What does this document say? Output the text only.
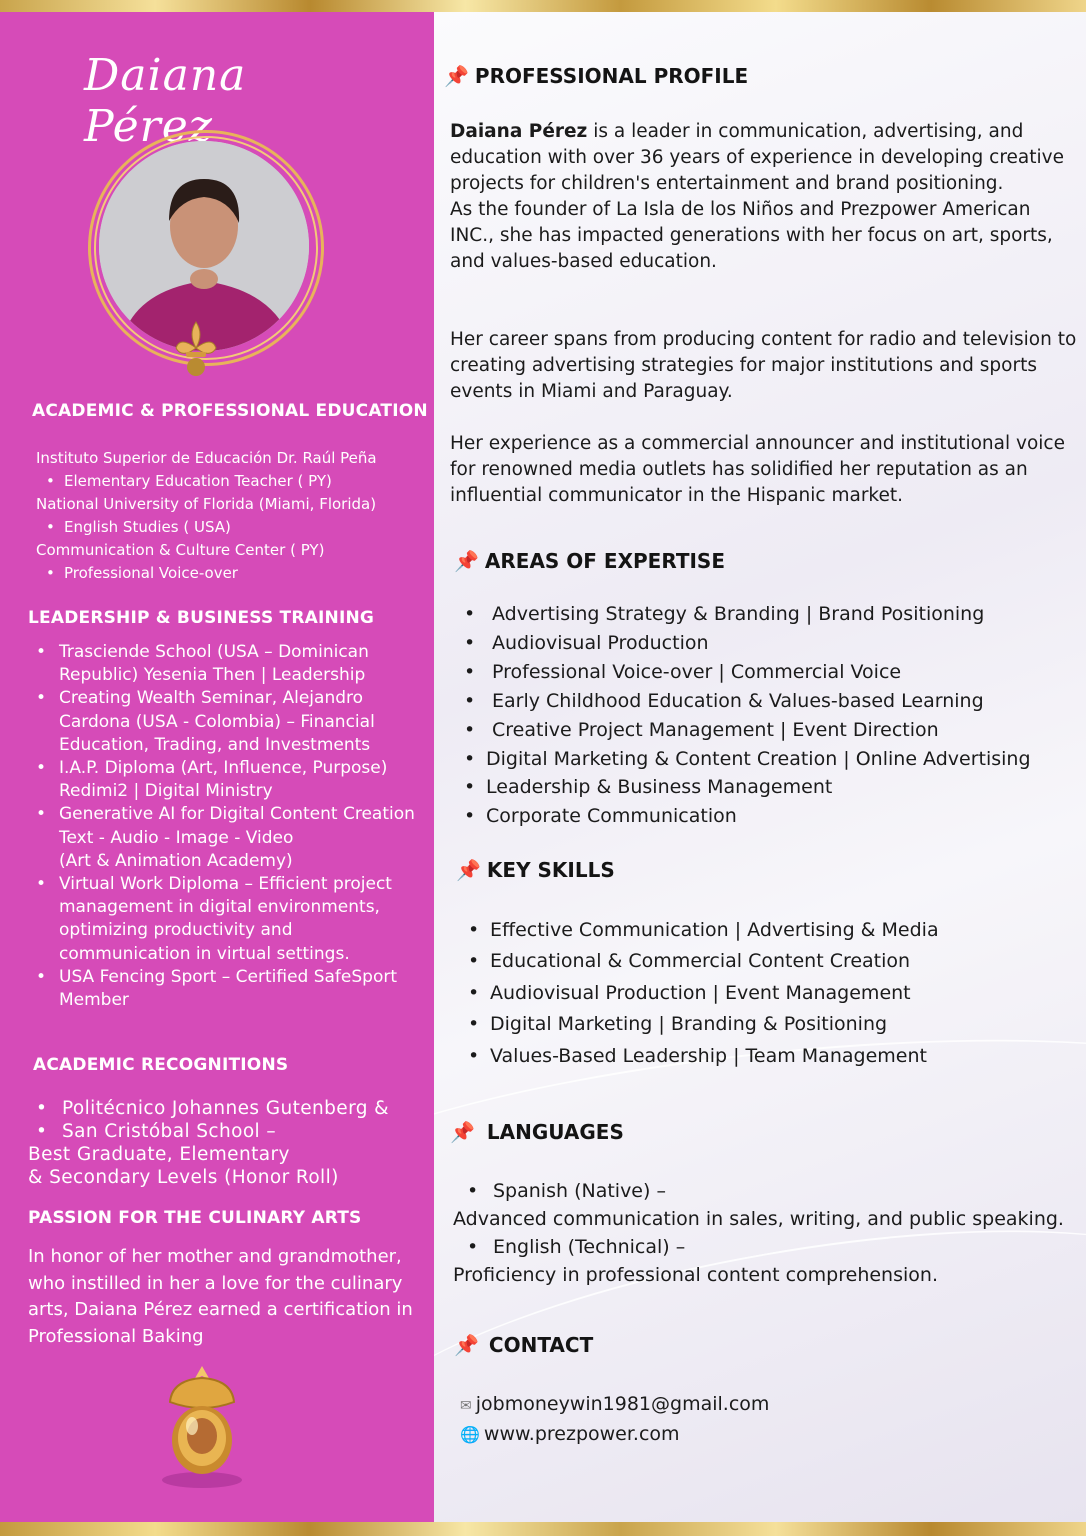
Daiana Pérez
ACADEMIC & PROFESSIONAL EDUCATION
Instituto Superior de Educación Dr. Raúl Peña
• Elementary Education Teacher ( PY)
National University of Florida (Miami, Florida)
• English Studies ( USA)
Communication & Culture Center ( PY)
• Professional Voice-over
LEADERSHIP & BUSINESS TRAINING
• Trasciende School (USA – Dominican Republic) Yesenia Then | Leadership
• Creating Wealth Seminar, Alejandro Cardona (USA - Colombia) – Financial Education, Trading, and Investments
• I.A.P. Diploma (Art, Influence, Purpose) Redimi2 | Digital Ministry
• Generative AI for Digital Content Creation
Text - Audio - Image - Video
(Art & Animation Academy)
• Virtual Work Diploma – Efficient project management in digital environments, optimizing productivity and communication in virtual settings.
• USA Fencing Sport – Certified SafeSport Member
ACADEMIC RECOGNITIONS
• Politécnico Johannes Gutenberg &
• San Cristóbal School –
Best Graduate, Elementary
& Secondary Levels (Honor Roll)
PASSION FOR THE CULINARY ARTS
In honor of her mother and grandmother, who instilled in her a love for the culinary arts, Daiana Pérez earned a certification in Professional Baking
📌 PROFESSIONAL PROFILE

Daiana Pérez is a leader in communication, advertising, and education with over 36 years of experience in developing creative projects for children's entertainment and brand positioning.
As the founder of La Isla de los Niños and Prezpower American INC., she has impacted generations with her focus on art, sports, and values-based education.

Her career spans from producing content for radio and television to creating advertising strategies for major institutions and sports events in Miami and Paraguay.

Her experience as a commercial announcer and institutional voice for renowned media outlets has solidified her reputation as an influential communicator in the Hispanic market.

📌 AREAS OF EXPERTISE
• Advertising Strategy & Branding | Brand Positioning
• Audiovisual Production
• Professional Voice-over | Commercial Voice
• Early Childhood Education & Values-based Learning
• Creative Project Management | Event Direction
• Digital Marketing & Content Creation | Online Advertising
• Leadership & Business Management
• Corporate Communication
📌 KEY SKILLS
• Effective Communication | Advertising & Media
• Educational & Commercial Content Creation
• Audiovisual Production | Event Management
• Digital Marketing | Branding & Positioning
• Values-Based Leadership | Team Management
📌 LANGUAGES
• Spanish (Native) –
Advanced communication in sales, writing, and public speaking.
• English (Technical) –
Proficiency in professional content comprehension.
📌 CONTACT
✉ jobmoneywin1981@gmail.com
🌐 www.prezpower.com
